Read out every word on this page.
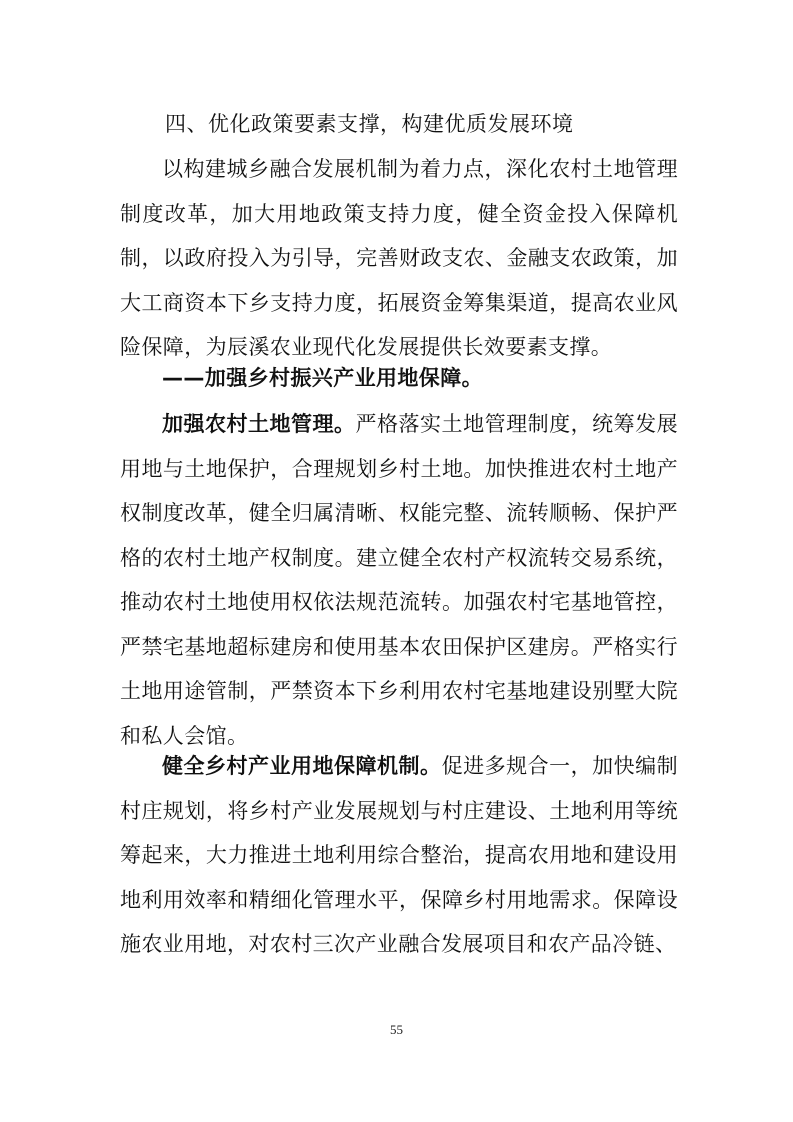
四、优化政策要素支撑，构建优质发展环境

以构建城乡融合发展机制为着力点，深化农村土地管理制度改革，加大用地政策支持力度，健全资金投入保障机制，以政府投入为引导，完善财政支农、金融支农政策，加大工商资本下乡支持力度，拓展资金筹集渠道，提高农业风险保障，为辰溪农业现代化发展提供长效要素支撑。

——加强乡村振兴产业用地保障。

加强农村土地管理。严格落实土地管理制度，统筹发展用地与土地保护，合理规划乡村土地。加快推进农村土地产权制度改革，健全归属清晰、权能完整、流转顺畅、保护严格的农村土地产权制度。建立健全农村产权流转交易系统，推动农村土地使用权依法规范流转。加强农村宅基地管控，严禁宅基地超标建房和使用基本农田保护区建房。严格实行土地用途管制，严禁资本下乡利用农村宅基地建设别墅大院和私人会馆。

健全乡村产业用地保障机制。促进多规合一，加快编制村庄规划，将乡村产业发展规划与村庄建设、土地利用等统筹起来，大力推进土地利用综合整治，提高农用地和建设用地利用效率和精细化管理水平，保障乡村用地需求。保障设施农业用地，对农村三次产业融合发展项目和农产品冷链、

55
